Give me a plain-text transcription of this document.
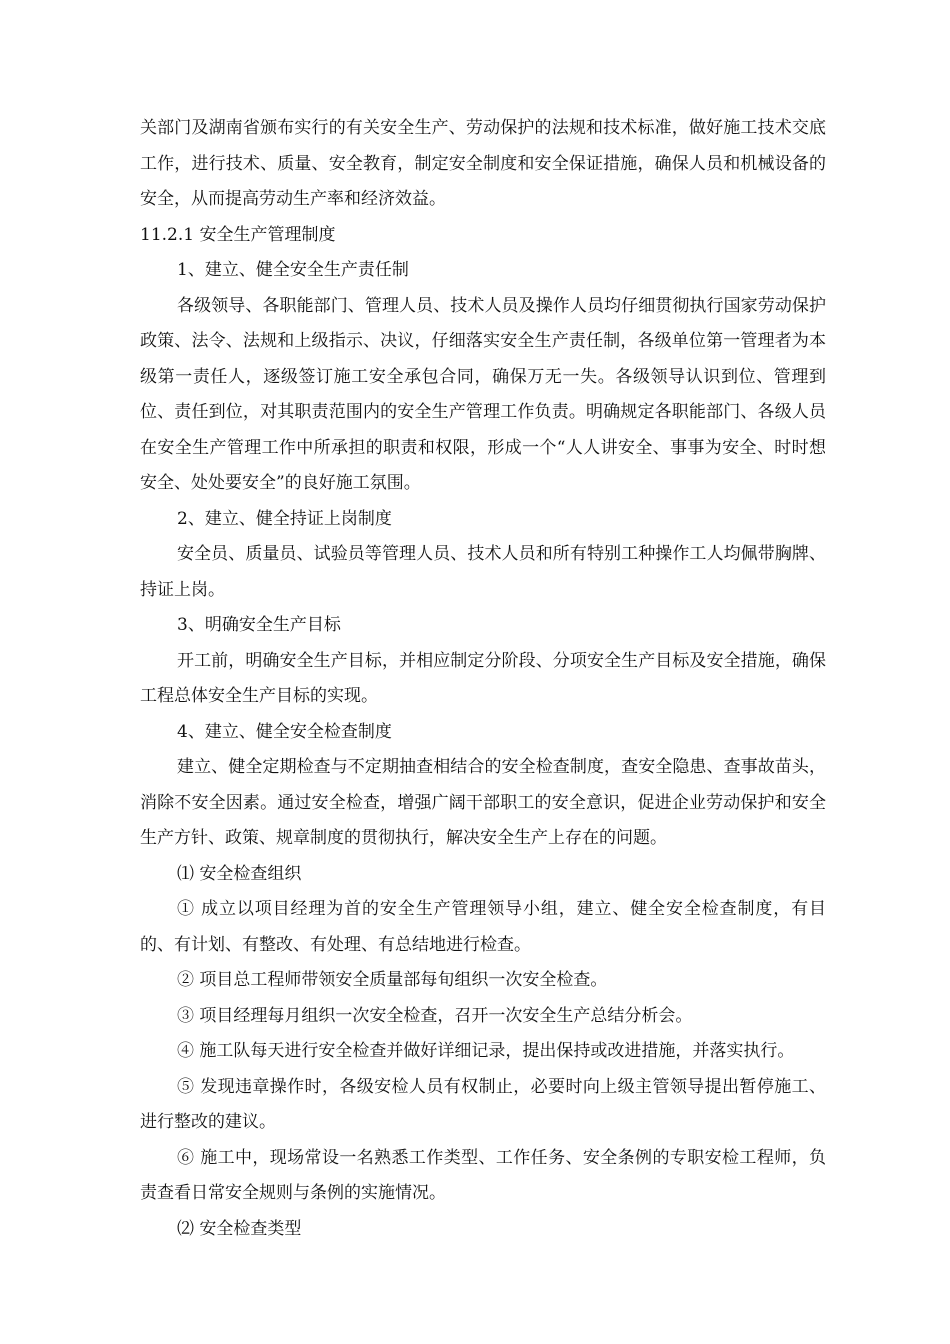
关部门及湖南省颁布实行的有关安全生产、劳动保护的法规和技术标准，做好施工技术交底工作，进行技术、质量、安全教育，制定安全制度和安全保证措施，确保人员和机械设备的安全，从而提高劳动生产率和经济效益。

11.2.1 安全生产管理制度

1、建立、健全安全生产责任制

各级领导、各职能部门、管理人员、技术人员及操作人员均仔细贯彻执行国家劳动保护政策、法令、法规和上级指示、决议，仔细落实安全生产责任制，各级单位第一管理者为本级第一责任人，逐级签订施工安全承包合同，确保万无一失。各级领导认识到位、管理到位、责任到位，对其职责范围内的安全生产管理工作负责。明确规定各职能部门、各级人员在安全生产管理工作中所承担的职责和权限，形成一个“人人讲安全、事事为安全、时时想安全、处处要安全”的良好施工氛围。

2、建立、健全持证上岗制度

安全员、质量员、试验员等管理人员、技术人员和所有特别工种操作工人均佩带胸牌、持证上岗。

3、明确安全生产目标

开工前，明确安全生产目标，并相应制定分阶段、分项安全生产目标及安全措施，确保工程总体安全生产目标的实现。

4、建立、健全安全检查制度

建立、健全定期检查与不定期抽查相结合的安全检查制度，查安全隐患、查事故苗头，消除不安全因素。通过安全检查，增强广阔干部职工的安全意识，促进企业劳动保护和安全生产方针、政策、规章制度的贯彻执行，解决安全生产上存在的问题。

⑴ 安全检查组织

① 成立以项目经理为首的安全生产管理领导小组，建立、健全安全检查制度，有目的、有计划、有整改、有处理、有总结地进行检查。

② 项目总工程师带领安全质量部每旬组织一次安全检查。

③ 项目经理每月组织一次安全检查，召开一次安全生产总结分析会。

④ 施工队每天进行安全检查并做好详细记录，提出保持或改进措施，并落实执行。

⑤ 发现违章操作时，各级安检人员有权制止，必要时向上级主管领导提出暂停施工、进行整改的建议。

⑥ 施工中，现场常设一名熟悉工作类型、工作任务、安全条例的专职安检工程师，负责查看日常安全规则与条例的实施情况。

⑵ 安全检查类型
